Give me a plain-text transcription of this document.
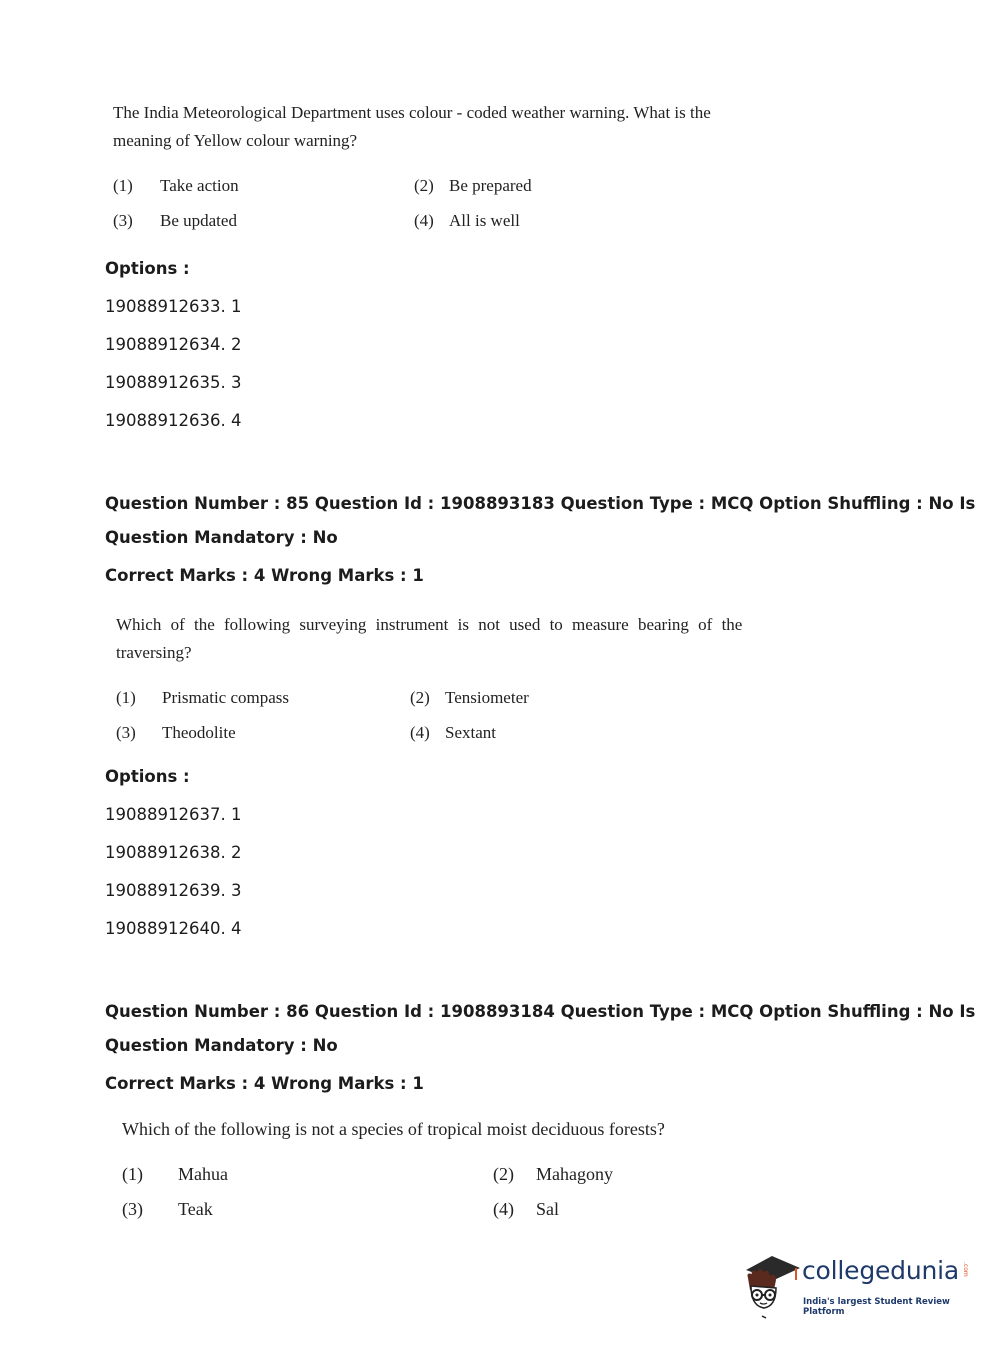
The India Meteorological Department uses colour - coded weather warning. What is the
meaning of Yellow colour warning?
(1) Take action	(2) Be prepared
(3) Be updated	(4) All is well
Options :
19088912633. 1
19088912634. 2
19088912635. 3
19088912636. 4
Question Number : 85 Question Id : 1908893183 Question Type : MCQ Option Shuffling : No Is
Question Mandatory : No
Correct Marks : 4 Wrong Marks : 1
Which of the following surveying instrument is not used to measure bearing of the
traversing?
(1) Prismatic compass	(2) Tensiometer
(3) Theodolite	(4) Sextant
Options :
19088912637. 1
19088912638. 2
19088912639. 3
19088912640. 4
Question Number : 86 Question Id : 1908893184 Question Type : MCQ Option Shuffling : No Is
Question Mandatory : No
Correct Marks : 4 Wrong Marks : 1
Which of the following is not a species of tropical moist deciduous forests?
(1) Mahua	(2) Mahagony
(3) Teak	(4) Sal
collegedunia .com
India's largest Student Review Platform
